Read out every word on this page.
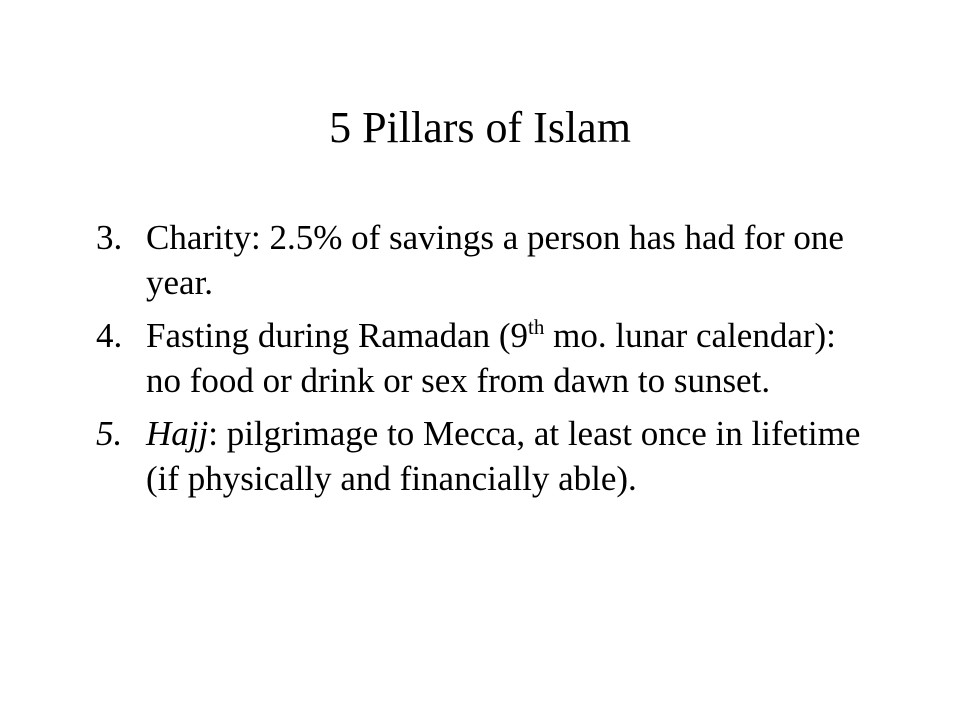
5 Pillars of Islam
3. Charity: 2.5% of savings a person has had for one year.
4. Fasting during Ramadan (9th mo. lunar calendar): no food or drink or sex from dawn to sunset.
5. Hajj: pilgrimage to Mecca, at least once in lifetime (if physically and financially able).
